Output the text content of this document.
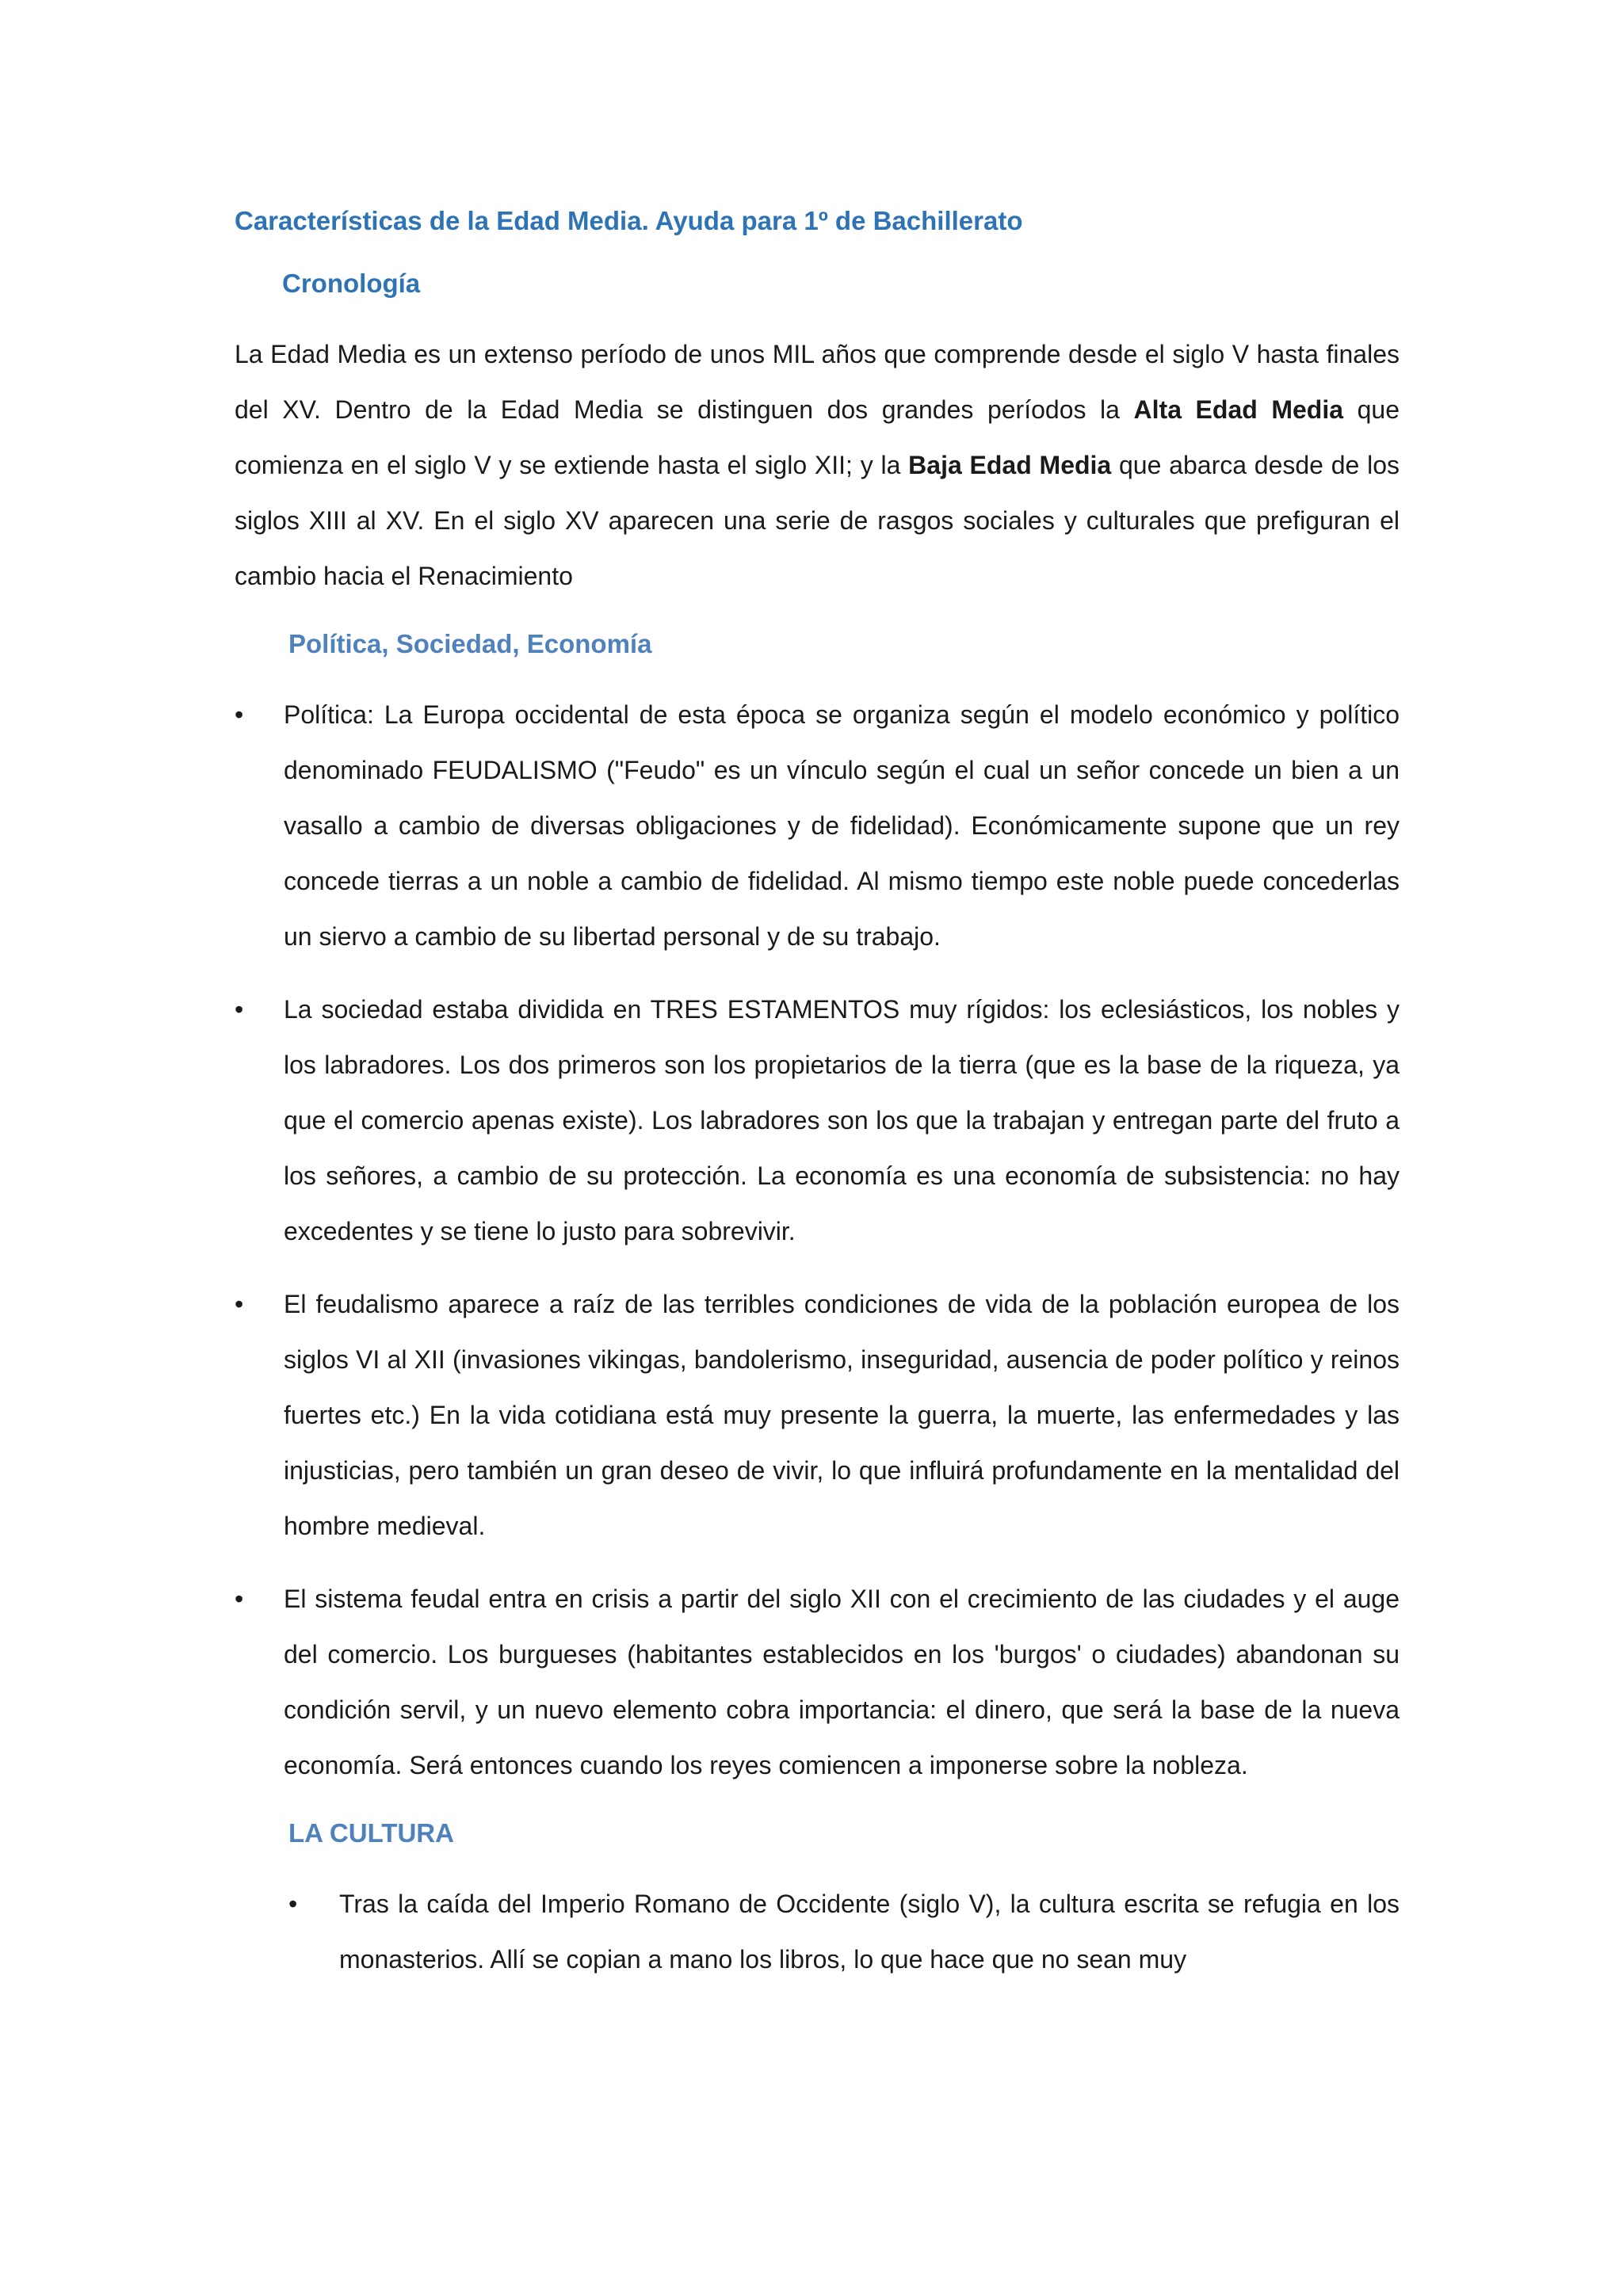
Características de la Edad Media. Ayuda para 1º de Bachillerato
Cronología

La Edad Media es un extenso período de unos MIL años que comprende desde el siglo V hasta finales del XV. Dentro de la Edad Media se distinguen dos grandes períodos la Alta Edad Media que comienza en el siglo V y se extiende hasta el siglo XII; y la Baja Edad Media que abarca desde de los siglos XIII al XV. En el siglo XV aparecen una serie de rasgos sociales y culturales que prefiguran el cambio hacia el Renacimiento

Política, Sociedad, Economía
• Política: La Europa occidental de esta época se organiza según el modelo económico y político denominado FEUDALISMO ("Feudo" es un vínculo según el cual un señor concede un bien a un vasallo a cambio de diversas obligaciones y de fidelidad). Económicamente supone que un rey concede tierras a un noble a cambio de fidelidad. Al mismo tiempo este noble puede concederlas un siervo a cambio de su libertad personal y de su trabajo.
• La sociedad estaba dividida en TRES ESTAMENTOS muy rígidos: los eclesiásticos, los nobles y los labradores. Los dos primeros son los propietarios de la tierra (que es la base de la riqueza, ya que el comercio apenas existe). Los labradores son los que la trabajan y entregan parte del fruto a los señores, a cambio de su protección. La economía es una economía de subsistencia: no hay excedentes y se tiene lo justo para sobrevivir.
• El feudalismo aparece a raíz de las terribles condiciones de vida de la población europea de los siglos VI al XII (invasiones vikingas, bandolerismo, inseguridad, ausencia de poder político y reinos fuertes etc.) En la vida cotidiana está muy presente la guerra, la muerte, las enfermedades y las injusticias, pero también un gran deseo de vivir, lo que influirá profundamente en la mentalidad del hombre medieval.
• El sistema feudal entra en crisis a partir del siglo XII con el crecimiento de las ciudades y el auge del comercio. Los burgueses (habitantes establecidos en los 'burgos' o ciudades) abandonan su condición servil, y un nuevo elemento cobra importancia: el dinero, que será la base de la nueva economía. Será entonces cuando los reyes comiencen a imponerse sobre la nobleza.
LA CULTURA
• Tras la caída del Imperio Romano de Occidente (siglo V), la cultura escrita se refugia en los monasterios. Allí se copian a mano los libros, lo que hace que no sean muy
